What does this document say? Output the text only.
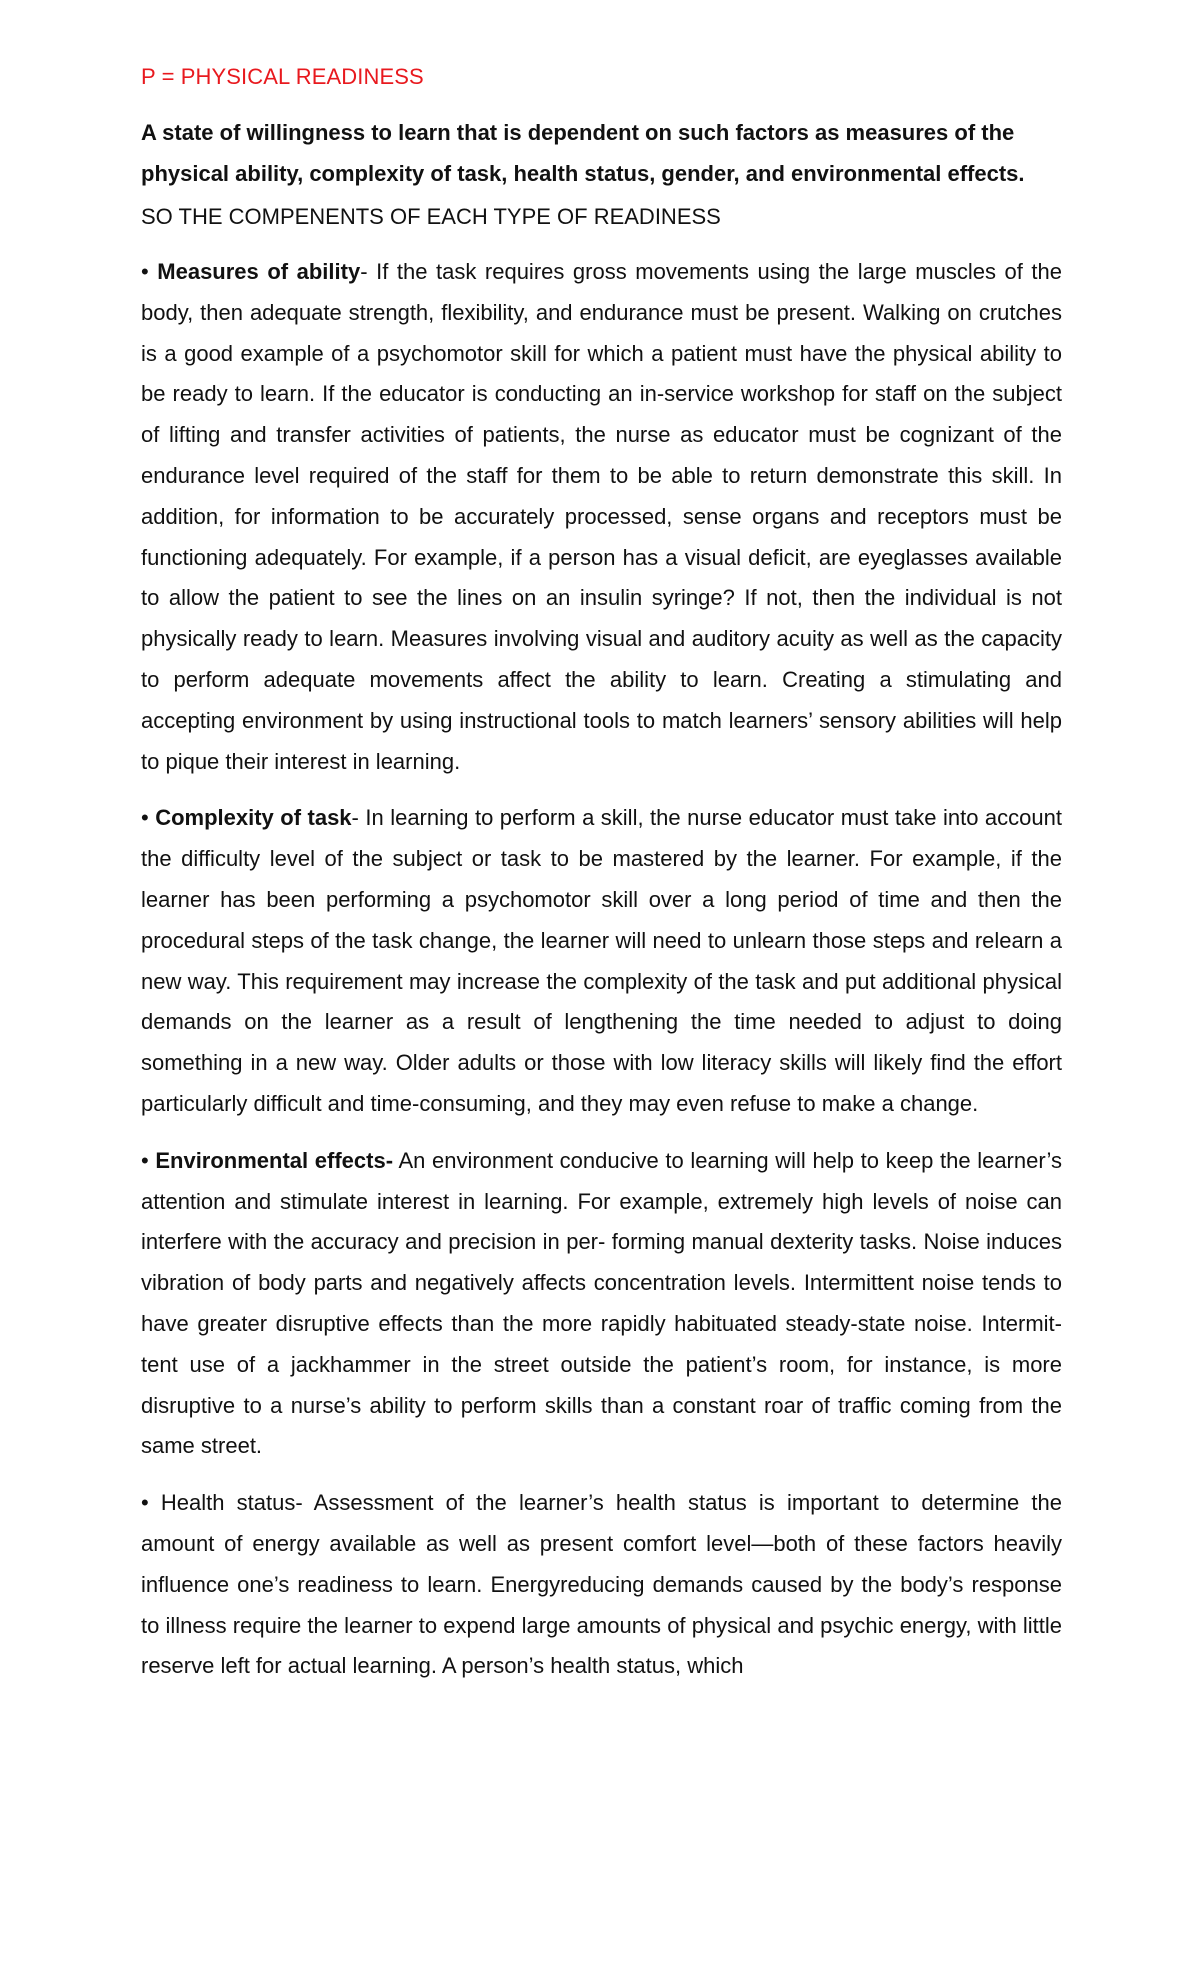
P = PHYSICAL READINESS

A state of willingness to learn that is dependent on such factors as measures of the physical ability, complexity of task, health status, gender, and environmental effects.

SO THE COMPENENTS OF EACH TYPE OF READINESS

• Measures of ability- If the task requires gross movements using the large muscles of the body, then adequate strength, flexibility, and endurance must be present. Walking on crutches is a good example of a psychomotor skill for which a patient must have the physical ability to be ready to learn. If the educator is conducting an in-service workshop for staff on the subject of lifting and transfer activities of patients, the nurse as educator must be cognizant of the endurance level required of the staff for them to be able to return demonstrate this skill. In addition, for information to be accurately processed, sense organs and receptors must be functioning adequately. For example, if a person has a visual deficit, are eyeglasses available to allow the patient to see the lines on an insulin syringe? If not, then the individual is not physically ready to learn. Measures involving visual and auditory acuity as well as the capacity to perform adequate movements affect the ability to learn. Creating a stimulating and accepting environment by using instructional tools to match learners’ sensory abilities will help to pique their interest in learning.

• Complexity of task- In learning to perform a skill, the nurse educator must take into account the difficulty level of the subject or task to be mastered by the learner. For example, if the learner has been performing a psychomotor skill over a long period of time and then the procedural steps of the task change, the learner will need to unlearn those steps and relearn a new way. This requirement may increase the complexity of the task and put additional physical demands on the learner as a result of lengthening the time needed to adjust to doing something in a new way. Older adults or those with low literacy skills will likely find the effort particularly difficult and time-consuming, and they may even refuse to make a change.

• Environmental effects- An environment conducive to learning will help to keep the learner’s attention and stimulate interest in learning. For example, extremely high levels of noise can interfere with the accuracy and precision in per- forming manual dexterity tasks. Noise induces vibration of body parts and negatively affects concentration levels. Intermittent noise tends to have greater disruptive effects than the more rapidly habituated steady-state noise. Intermit- tent use of a jackhammer in the street outside the patient’s room, for instance, is more disruptive to a nurse’s ability to perform skills than a constant roar of traffic coming from the same street.

• Health status- Assessment of the learner’s health status is important to determine the amount of energy available as well as present comfort level—both of these factors heavily influence one’s readiness to learn. Energyreducing demands caused by the body’s response to illness require the learner to expend large amounts of physical and psychic energy, with little reserve left for actual learning. A person’s health status, which
